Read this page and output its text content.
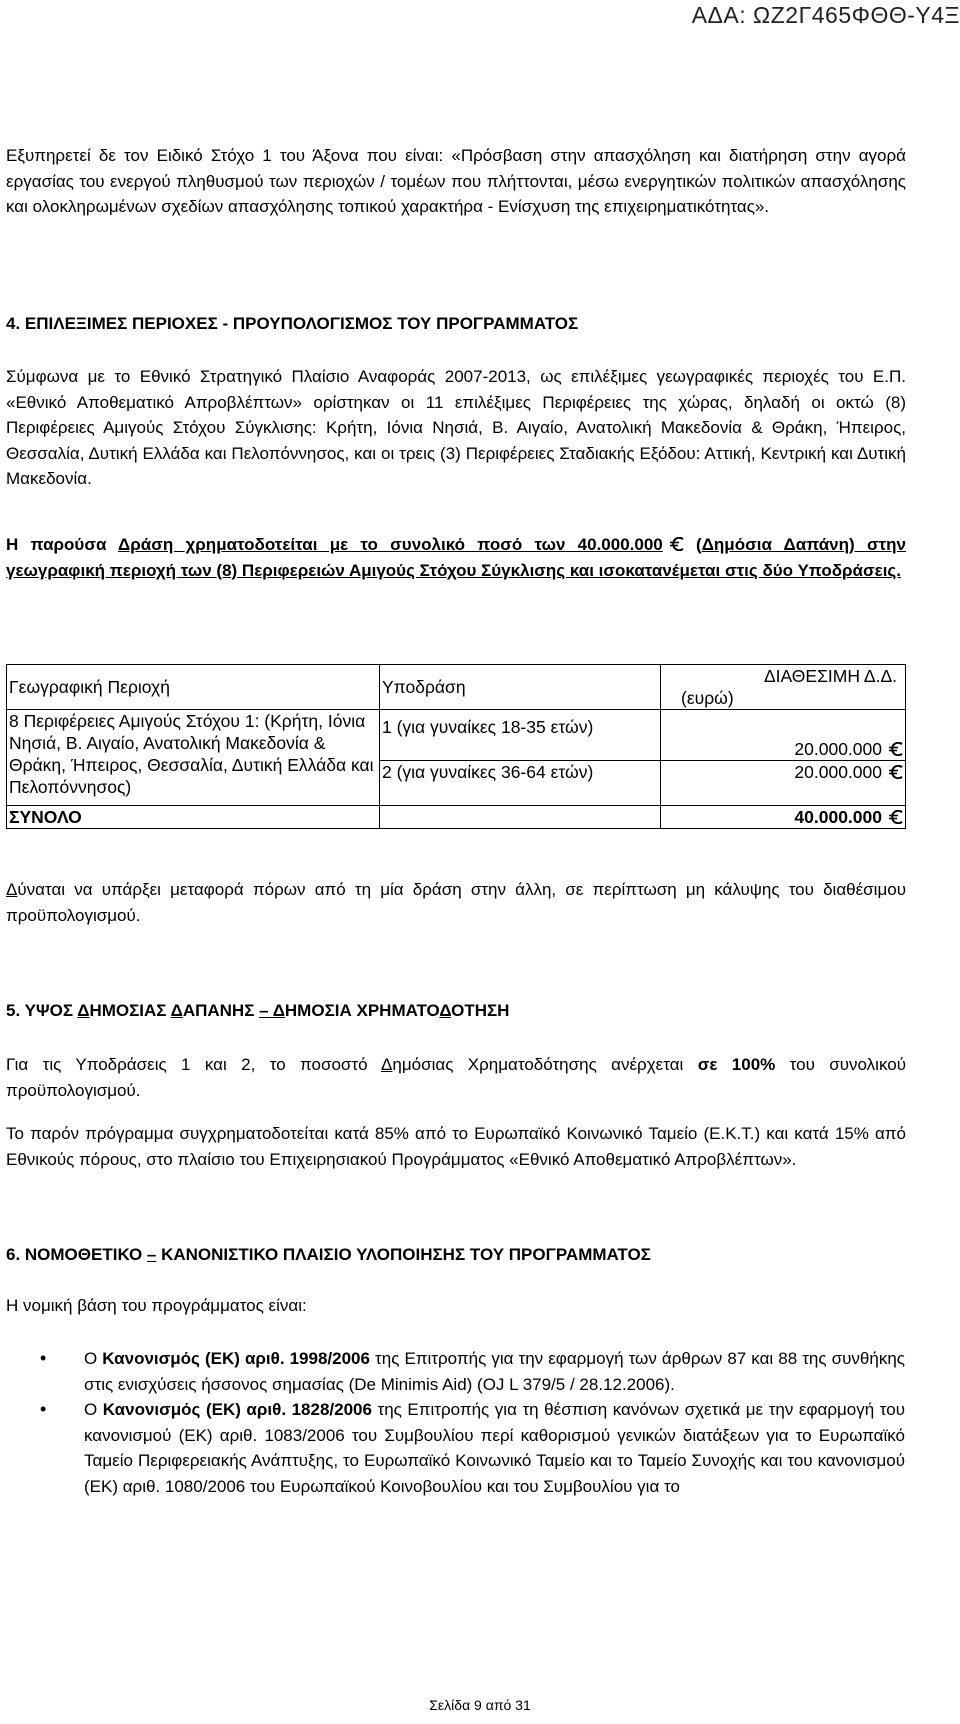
ΑΔΑ: ΩΖ2Γ465ΦΘΘ-Υ4Ξ
Εξυπηρετεί δε τον Ειδικό Στόχο 1 του Άξονα που είναι: «Πρόσβαση στην απασχόληση και διατήρηση στην αγορά εργασίας του ενεργού πληθυσμού των περιοχών / τομέων που πλήττονται, μέσω ενεργητικών πολιτικών απασχόλησης και ολοκληρωμένων σχεδίων απασχόλησης τοπικού χαρακτήρα - Ενίσχυση της επιχειρηματικότητας».
4. ΕΠΙΛΕΞΙΜΕΣ ΠΕΡΙΟΧΕΣ - ΠΡΟΥΠΟΛΟΓΙΣΜΟΣ ΤΟΥ ΠΡΟΓΡΑΜΜΑΤΟΣ
Σύμφωνα με το Εθνικό Στρατηγικό Πλαίσιο Αναφοράς 2007-2013, ως επιλέξιμες γεωγραφικές περιοχές του Ε.Π. «Εθνικό Αποθεματικό Απροβλέπτων» ορίστηκαν οι 11 επιλέξιμες Περιφέρειες της χώρας, δηλαδή οι οκτώ (8) Περιφέρειες Αμιγούς Στόχου Σύγκλισης: Κρήτη, Ιόνια Νησιά, Β. Αιγαίο, Ανατολική Μακεδονία & Θράκη, Ήπειρος, Θεσσαλία, Δυτική Ελλάδα και Πελοπόννησος, και οι τρεις (3) Περιφέρειες Σταδιακής Εξόδου: Αττική, Κεντρική και Δυτική Μακεδονία.
Η παρούσα Δράση χρηματοδοτείται με το συνολικό ποσό των 40.000.000 (Δημόσια Δαπάνη) στην γεωγραφική περιοχή των (8) Περιφερειών Αμιγούς Στόχου Σύγκλισης και ισοκατανέμεται στις δύο Υποδράσεις.
Γεωγραφική Περιοχή	Υποδράση	ΔΙΑΘΕΣΙΜΗ Δ.Δ.
(ευρώ)

8 Περιφέρειες Αμιγούς Στόχου 1: (Κρήτη, Ιόνια Νησιά, Β. Αιγαίο, Ανατολική Μακεδονία & Θράκη, Ήπειρος, Θεσσαλία, Δυτική Ελλάδα και Πελοπόννησος)	1 (για γυναίκες 18-35 ετών)	20.000.000
	2 (για γυναίκες 36-64 ετών)	20.000.000
ΣΥΝΟΛΟ		40.000.000
Δύναται να υπάρξει μεταφορά πόρων από τη μία δράση στην άλλη, σε περίπτωση μη κάλυψης του διαθέσιμου προϋπολογισμού.
5. ΥΨΟΣ ΔΗΜΟΣΙΑΣ ΔΑΠΑΝΗΣ – ΔΗΜΟΣΙΑ ΧΡΗΜΑΤΟΔΟΤΗΣΗ
Για τις Υποδράσεις 1 και 2, το ποσοστό Δημόσιας Χρηματοδότησης ανέρχεται σε 100% του συνολικού προϋπολογισμού.
Το παρόν πρόγραμμα συγχρηματοδοτείται κατά 85% από το Ευρωπαϊκό Κοινωνικό Ταμείο (Ε.Κ.Τ.) και κατά 15% από Εθνικούς πόρους, στο πλαίσιο του Επιχειρησιακού Προγράμματος «Εθνικό Αποθεματικό Απροβλέπτων».
6. ΝΟΜΟΘΕΤΙΚΟ – ΚΑΝΟΝΙΣΤΙΚΟ ΠΛΑΙΣΙΟ ΥΛΟΠΟΙΗΣΗΣ ΤΟΥ ΠΡΟΓΡΑΜΜΑΤΟΣ
Η νομική βάση του προγράμματος είναι:
• Ο Κανονισμός (ΕΚ) αριθ. 1998/2006 της Επιτροπής για την εφαρμογή των άρθρων 87 και 88 της συνθήκης στις ενισχύσεις ήσσονος σημασίας (De Minimis Aid) (OJ L 379/5 / 28.12.2006).
• Ο Κανονισμός (ΕΚ) αριθ. 1828/2006 της Επιτροπής για τη θέσπιση κανόνων σχετικά με την εφαρμογή του κανονισμού (ΕΚ) αριθ. 1083/2006 του Συμβουλίου περί καθορισμού γενικών διατάξεων για το Ευρωπαϊκό Ταμείο Περιφερειακής Ανάπτυξης, το Ευρωπαϊκό Κοινωνικό Ταμείο και το Ταμείο Συνοχής και του κανονισμού (ΕΚ) αριθ. 1080/2006 του Ευρωπαϊκού Κοινοβουλίου και του Συμβουλίου για το
Σελίδα 9 από 31
